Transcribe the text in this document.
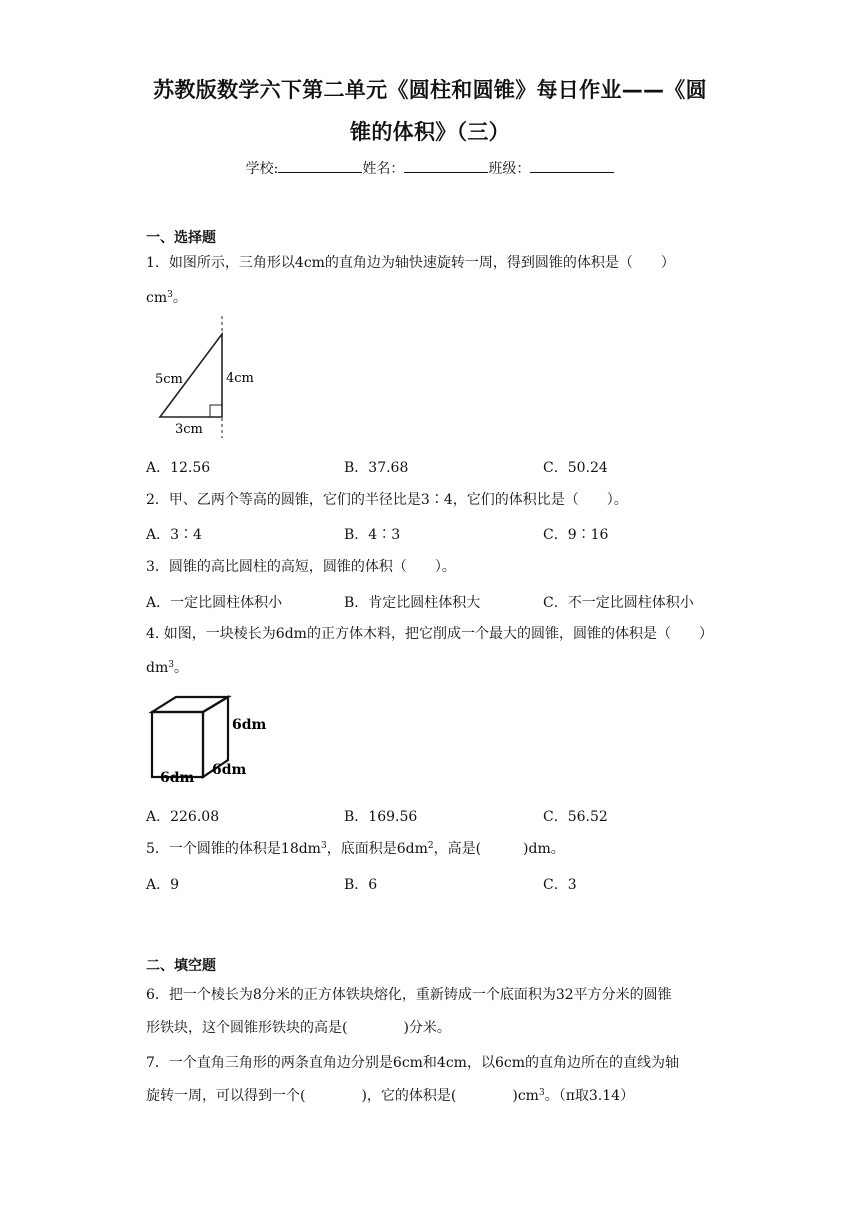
苏教版数学六下第二单元《圆柱和圆锥》每日作业——《圆
锥的体积》（三）
学校:	姓名：	班级：
一、选择题
1．如图所示，三角形以4cm的直角边为轴快速旋转一周，得到圆锥的体积是（　　）
$cm^3$。
5cm	4cm
3cm
A．12.56	B．37.68	C．50.24
2．甲、乙两个等高的圆锥，它们的半径比是3∶4，它们的体积比是（　　）。
A．3∶4	B．4∶3	C．9∶16
3．圆锥的高比圆柱的高短，圆锥的体积（　　）。
A．一定比圆柱体积小	B．肯定比圆柱体积大	C．不一定比圆柱体积小
4. 如图，一块棱长为6dm的正方体木料，把它削成一个最大的圆锥，圆锥的体积是（　　）
$dm^3$。
6dm
6dm 6dm
A．226.08	B．169.56	C．56.52
5．一个圆锥的体积是$18dm^3$，底面积是$6dm^2$，高是(　　　)dm。
A．9	B．6	C．3
二、填空题
6．把一个棱长为8分米的正方体铁块熔化，重新铸成一个底面积为32平方分米的圆锥
形铁块，这个圆锥形铁块的高是(　　　　)分米。
7．一个直角三角形的两条直角边分别是6cm和4cm，以6cm的直角边所在的直线为轴
旋转一周，可以得到一个(　　　　)，它的体积是(　　　　)$cm^3$。（π取3.14）
